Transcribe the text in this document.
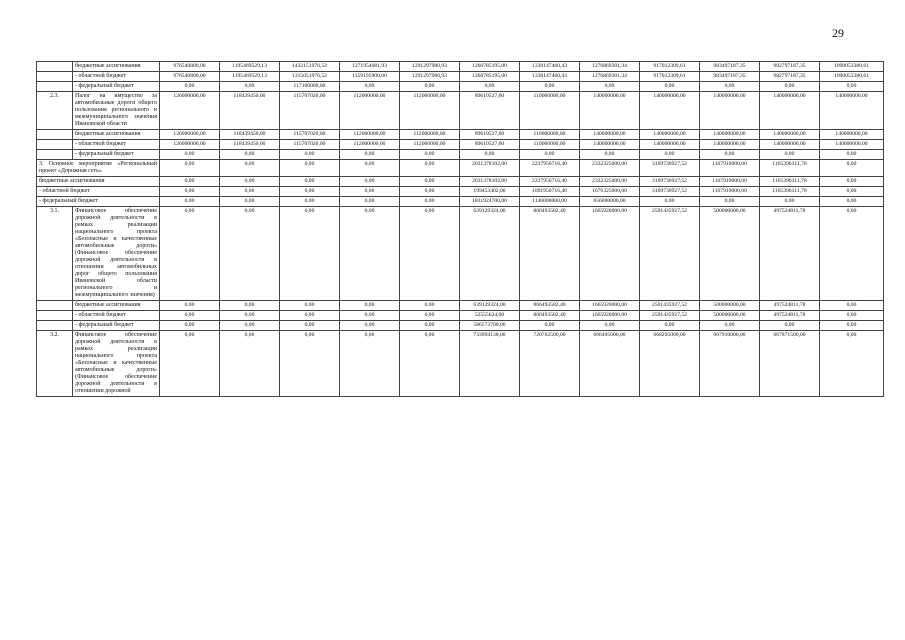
29
	бюджетные ассигнования	976540800,00	1195469529,13	1432151976,52	1271954081,93	1291297980,93	1260785195,00	1338147460,43	1276869301,34	917012309,61	983497187,35	982797187,35	1090053380,61
	- областной бюджет	976540800,00	1195469529,13	1315051976,52	1159191900,00	1291297980,93	1260785195,00	1338147460,43	1276869301,34	917012309,61	983497187,35	982797187,35	1090053380,61
	- федеральный бюджет	0,00	0,00	117100000,00	0,00	0,00	0,00	0,00	0,00	0,00	0,00	0,00	0,00
2.3.	Налог на имущество за автомобильные дороги общего пользования регионального и межмуниципального значения Ивановской области	126000000,00	118439450,00	115707020,00	112000000,00	112000000,00	89610527,00	110000000,00	140000000,00	140000000,00	140000000,00	140000000,00	140000000,00
	бюджетные ассигнования	126000000,00	118439450,00	115707020,00	112000000,00	112000000,00	89610527,00	110000000,00	140000000,00	140000000,00	140000000,00	140000000,00	140000000,00
	- областной бюджет	126000000,00	118439450,00	115707020,00	112000000,00	112000000,00	89610527,00	110000000,00	140000000,00	140000000,00	140000000,00	140000000,00	140000000,00
	- федеральный бюджет	0,00	0,00	0,00	0,00	0,00	0,00	0,00	0,00	0,00	0,00	0,00	0,00
3. Основное мероприятие «Региональный проект «Дорожная сеть»		0,00	0,00	0,00	0,00	0,00	2031378102,00	2237950716,40	2332325000,00	3169730927,52	1167910000,00	1165396311,78	0,00
бюджетные ассигнования		0,00	0,00	0,00	0,00	0,00	2031378102,00	2237950716,40	2332325000,00	3169730927,52	1167910000,00	1165396311,78	0,00
- областной бюджет		0,00	0,00	0,00	0,00	0,00	199453402,00	1091950716,40	1676325000,00	3169730927,52	1167910000,00	1165396311,78	0,00
- федеральный бюджет		0,00	0,00	0,00	0,00	0,00	1831924700,00	1146000000,00	656000000,00	0,00	0,00	0,00	0,00
3.1.	Финансовое обеспечение дорожной деятельности в рамках реализации национального проекта «Безопасные и качественные автомобильные дороги» (Финансовое обеспечение дорожной деятельности в отношении автомобильных дорог общего пользования Ивановской области регионального и межмуниципального значения)	0,00	0,00	0,00	0,00	0,00	639129324,00	866493582,40	1665920000,00	2501435927,52	500000000,00	497524811,78	0,00
	бюджетные ассигнования	0,00	0,00	0,00	0,00	0,00	639129324,00	866493582,40	1665920000,00	2501435927,52	500000000,00	497524811,78	0,00
	- областной бюджет	0,00	0,00	0,00	0,00	0,00	52555624,00	866493582,40	1665920000,00	2501435927,52	500000000,00	497524811,78	0,00
	- федеральный бюджет	0,00	0,00	0,00	0,00	0,00	586573700,00	0,00	0,00	0,00	0,00	0,00	0,00
3.2.	Финансовое обеспечение дорожной деятельности в рамках реализации национального проекта «Безопасные и качественные автомобильные дороги» (Финансовое обеспечение дорожной деятельности в отношении дорожной	0,00	0,00	0,00	0,00	0,00	733994138,00	720762500,00	666405000,00	668295000,00	667910000,00	667871500,00	0,00
